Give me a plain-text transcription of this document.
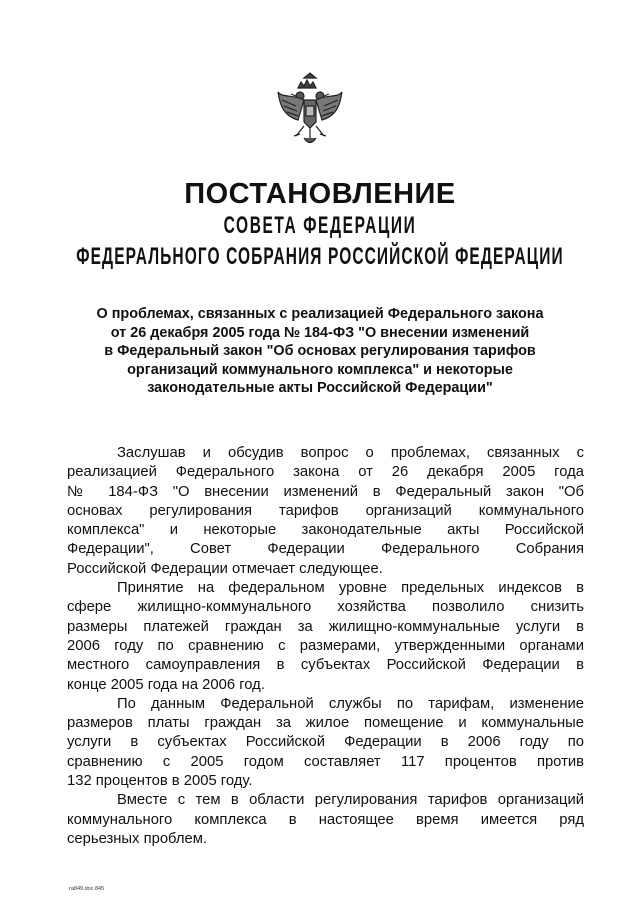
ПОСТАНОВЛЕНИЕ
СОВЕТА ФЕДЕРАЦИИ
ФЕДЕРАЛЬНОГО СОБРАНИЯ РОССИЙСКОЙ ФЕДЕРАЦИИ
О проблемах, связанных с реализацией Федерального закона
от 26 декабря 2005 года № 184-ФЗ "О внесении изменений
в Федеральный закон "Об основах регулирования тарифов
организаций коммунального комплекса" и некоторые
законодательные акты Российской Федерации"

Заслушав и обсудив вопрос о проблемах, связанных с
реализацией Федерального закона от 26 декабря 2005 года
№ 184-ФЗ "О внесении изменений в Федеральный закон "Об
основах регулирования тарифов организаций коммунального
комплекса" и некоторые законодательные акты Российской
Федерации", Совет Федерации Федерального Собрания
Российской Федерации отмечает следующее.

Принятие на федеральном уровне предельных индексов в
сфере жилищно-коммунального хозяйства позволило снизить
размеры платежей граждан за жилищно-коммунальные услуги в
2006 году по сравнению с размерами, утвержденными органами
местного самоуправления в субъектах Российской Федерации в
конце 2005 года на 2006 год.

По данным Федеральной службы по тарифам, изменение
размеров платы граждан за жилое помещение и коммунальные
услуги в субъектах Российской Федерации в 2006 году по
сравнению с 2005 годом составляет 117 процентов против
132 процентов в 2005 году.

Вместе с тем в области регулирования тарифов организаций
коммунального комплекса в настоящее время имеется ряд
серьезных проблем.

ra849.doc 845
